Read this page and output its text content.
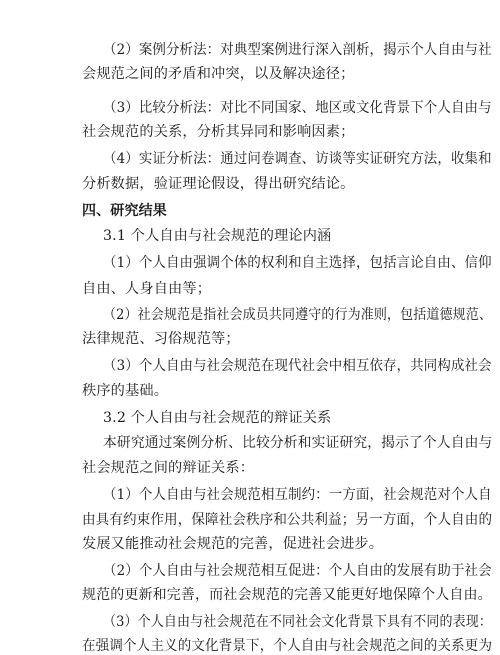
（2）案例分析法：对典型案例进行深入剖析，揭示个人自由与社
会规范之间的矛盾和冲突，以及解决途径；
（3）比较分析法：对比不同国家、地区或文化背景下个人自由与
社会规范的关系，分析其异同和影响因素；
（4）实证分析法：通过问卷调查、访谈等实证研究方法，收集和
分析数据，验证理论假设，得出研究结论。
四、研究结果
3.1 个人自由与社会规范的理论内涵
（1）个人自由强调个体的权利和自主选择，包括言论自由、信仰
自由、人身自由等；
（2）社会规范是指社会成员共同遵守的行为准则，包括道德规范、
法律规范、习俗规范等；
（3）个人自由与社会规范在现代社会中相互依存，共同构成社会
秩序的基础。
3.2 个人自由与社会规范的辩证关系
本研究通过案例分析、比较分析和实证研究，揭示了个人自由与
社会规范之间的辩证关系：
（1）个人自由与社会规范相互制约：一方面，社会规范对个人自
由具有约束作用，保障社会秩序和公共利益；另一方面，个人自由的
发展又能推动社会规范的完善，促进社会进步。
（2）个人自由与社会规范相互促进：个人自由的发展有助于社会
规范的更新和完善，而社会规范的完善又能更好地保障个人自由。
（3）个人自由与社会规范在不同社会文化背景下具有不同的表现：
在强调个人主义的文化背景下，个人自由与社会规范之间的关系更为
